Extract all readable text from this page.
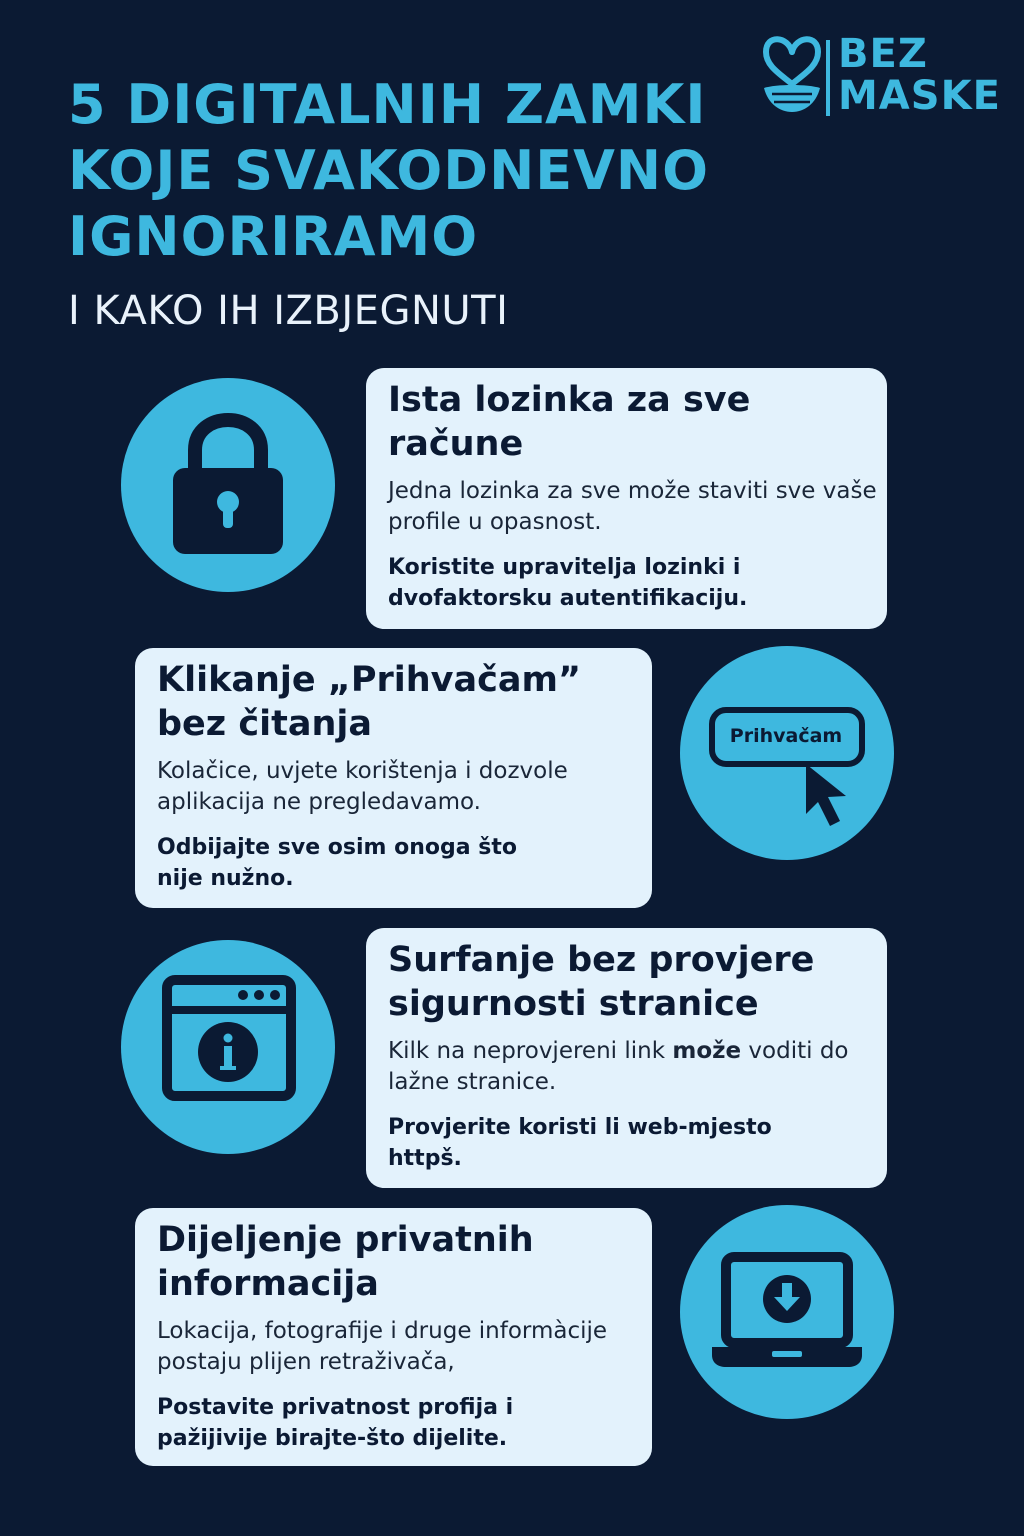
5 DIGITALNIH ZAMKI
KOJE SVAKODNEVNO
IGNORIRAMO
I KAKO IH IZBJEGNUTI
BEZ
MASKE
Ista lozinka za sve račune
Jedna lozinka za sve može staviti sve vaše profile u opasnost.
Koristite upravitelja lozinki i dvofaktorsku autentifikaciju.
Klikanje „Prihvačam” bez čitanja
Kolačice, uvjete korištenja i dozvole aplikacija ne pregledavamo.
Odbijajte sve osim onoga što nije nužno.
Prihvačam
Surfanje bez provjere sigurnosti stranice
Kilk na neprovjereni link može voditi do lažne stranice.
Provjerite koristi li web-mjesto httpš.
Dijeljenje privatnih informacija
Lokacija, fotografije i druge informàcije postaju plijen retraživača,
Postavite privatnost profija i pažijivije birajte-što dijelite.
